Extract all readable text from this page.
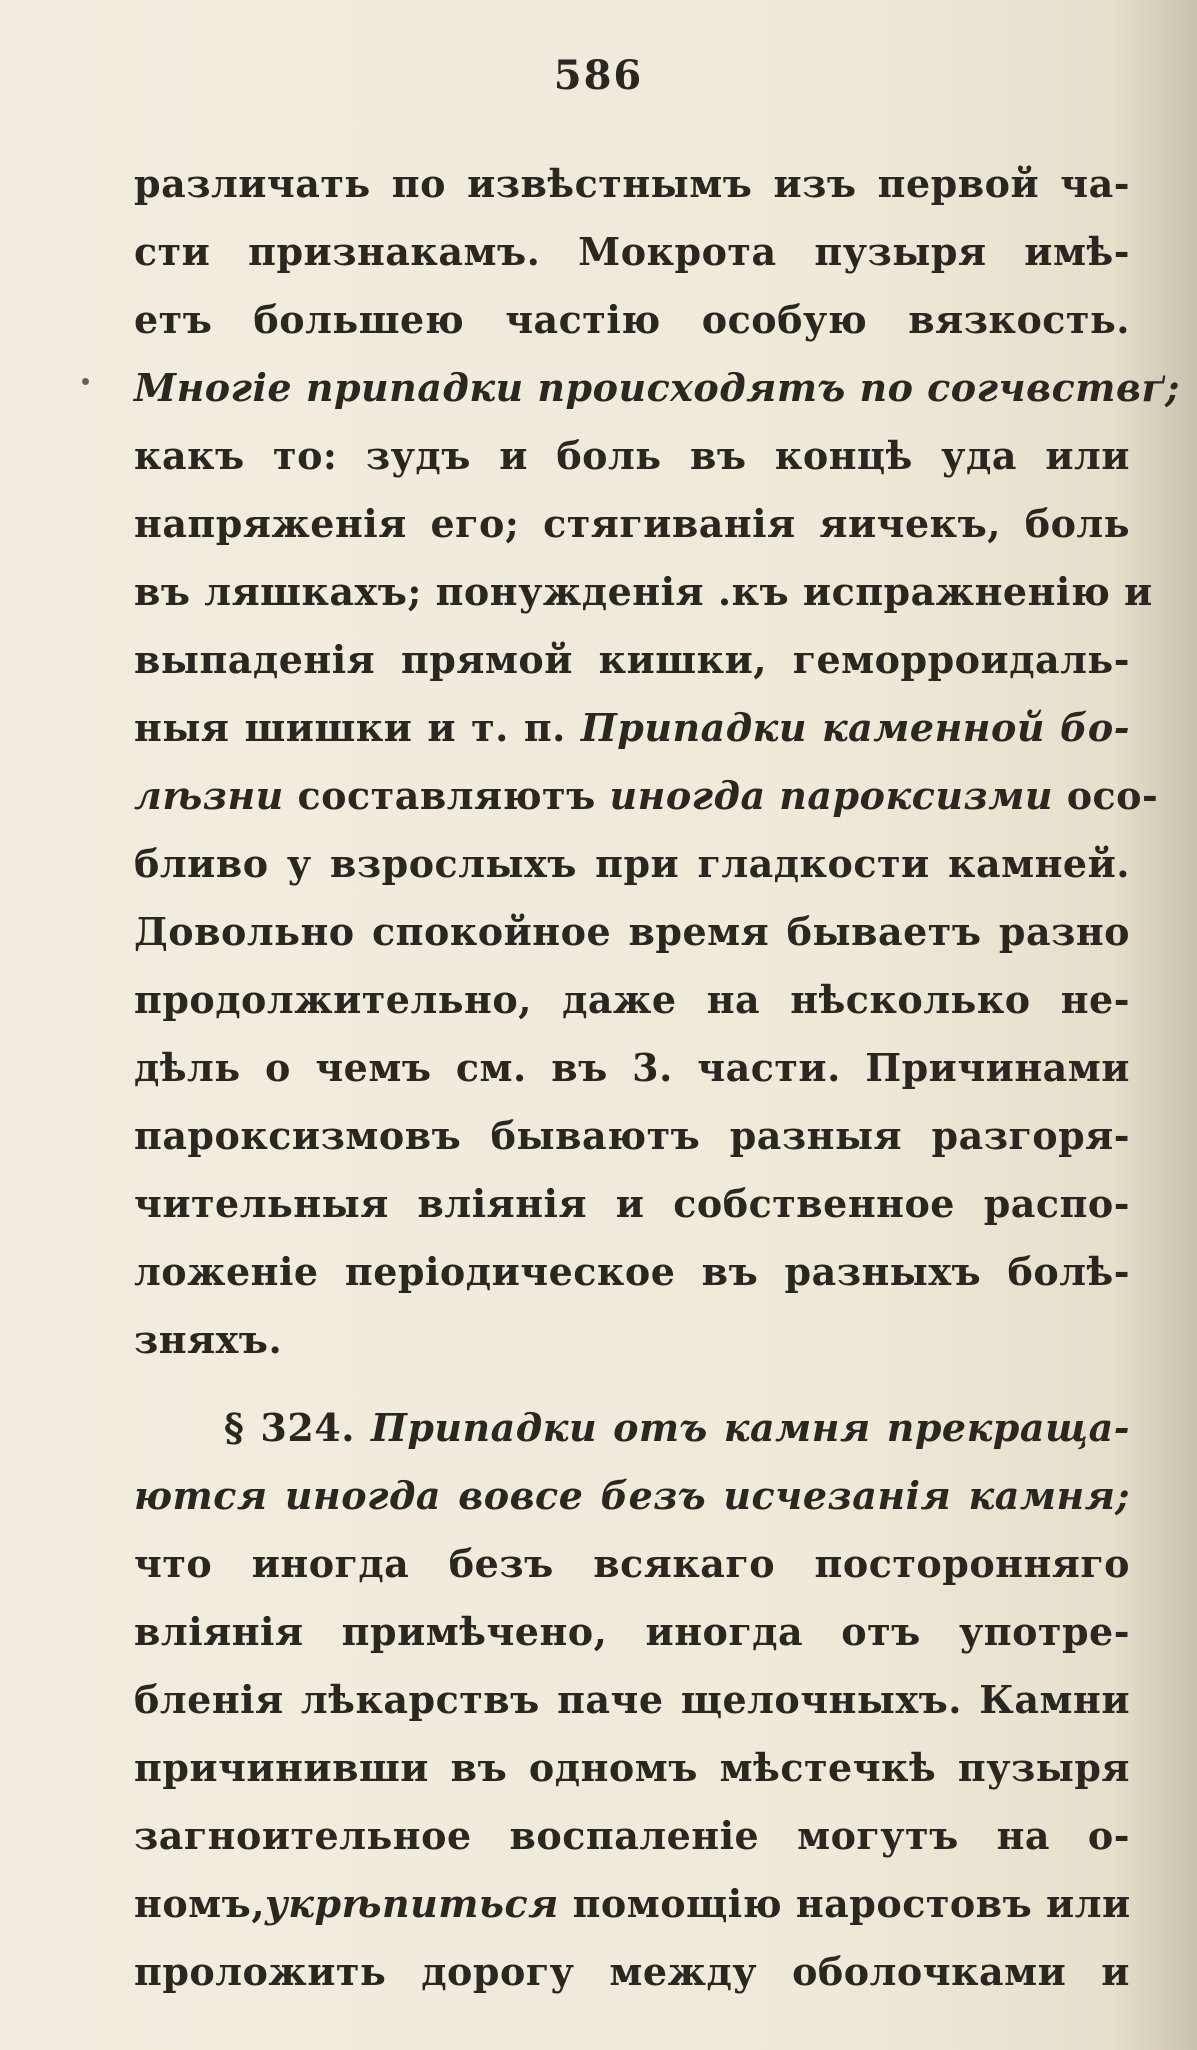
586
различать по извѣстнымъ изъ первой ча-
сти признакамъ. Мокрота пузыря имѣ-
етъ большею частію особую вязкость.
Многіе припадки происходятъ по согчвствґ;
какъ то: зудъ и боль въ концѣ уда или
напряженія его; стягиванія яичекъ, боль
въ ляшкахъ; понужденія .къ испражненію и
выпаденія прямой кишки, геморроидаль-
ныя шишки и т. п. Припадки каменной бо-
лѣзни составляютъ иногда пароксизми осо-
бливо у взрослыхъ при гладкости камней.
Довольно спокойное время бываетъ разно
продолжительно, даже на нѣсколько не-
дѣль о чемъ см. въ 3. части. Причинами
пароксизмовъ бываютъ разныя разгоря-
чительныя вліянія и собственное распо-
ложеніе періодическое въ разныхъ болѣ-
зняхъ.
§ 324. Припадки отъ камня прекраща-
ются иногда вовсе безъ исчезанія камня;
что иногда безъ всякаго посторонняго
вліянія примѣчено, иногда отъ употре-
бленія лѣкарствъ паче щелочныхъ. Камни
причинивши въ одномъ мѣстечкѣ пузыря
загноительное воспаленіе могутъ на о-
номъ,укрѣпиться помощію наростовъ или
проложить дорогу между оболочками и
